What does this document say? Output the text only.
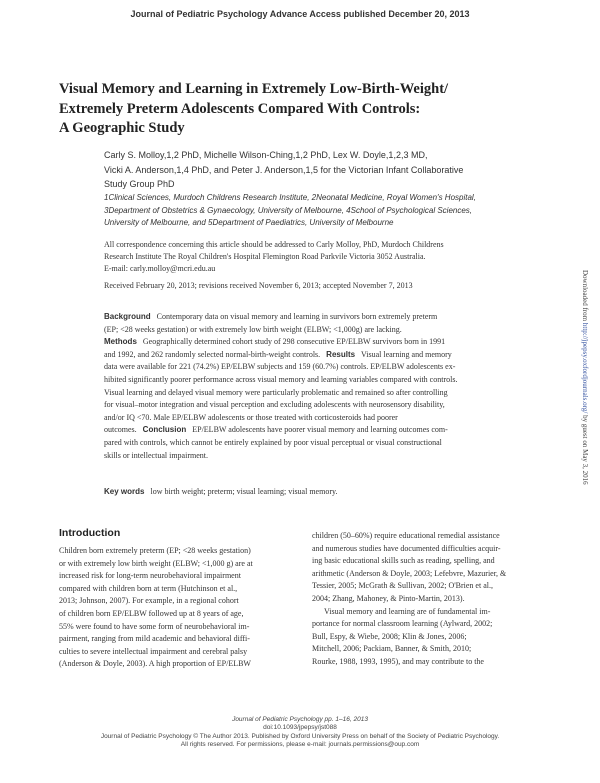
Journal of Pediatric Psychology Advance Access published December 20, 2013
Visual Memory and Learning in Extremely Low-Birth-Weight/
Extremely Preterm Adolescents Compared With Controls:
A Geographic Study
Carly S. Molloy,1,2 PhD, Michelle Wilson-Ching,1,2 PhD, Lex W. Doyle,1,2,3 MD,
Vicki A. Anderson,1,4 PhD, and Peter J. Anderson,1,5 for the Victorian Infant Collaborative
Study Group PhD
1Clinical Sciences, Murdoch Childrens Research Institute, 2Neonatal Medicine, Royal Women's Hospital,
3Department of Obstetrics & Gynaecology, University of Melbourne, 4School of Psychological Sciences,
University of Melbourne, and 5Department of Paediatrics, University of Melbourne
All correspondence concerning this article should be addressed to Carly Molloy, PhD, Murdoch Childrens
Research Institute The Royal Children's Hospital Flemington Road Parkvile Victoria 3052 Australia.
E-mail: carly.molloy@mcri.edu.au
Received February 20, 2013; revisions received November 6, 2013; accepted November 7, 2013
Background Contemporary data on visual memory and learning in survivors born extremely preterm
(EP; <28 weeks gestation) or with extremely low birth weight (ELBW; <1,000g) are lacking.
Methods Geographically determined cohort study of 298 consecutive EP/ELBW survivors born in 1991
and 1992, and 262 randomly selected normal-birth-weight controls. Results Visual learning and memory
data were available for 221 (74.2%) EP/ELBW subjects and 159 (60.7%) controls. EP/ELBW adolescents ex-
hibited significantly poorer performance across visual memory and learning variables compared with controls.
Visual learning and delayed visual memory were particularly problematic and remained so after controlling
for visual–motor integration and visual perception and excluding adolescents with neurosensory disability,
and/or IQ <70. Male EP/ELBW adolescents or those treated with corticosteroids had poorer
outcomes. Conclusion EP/ELBW adolescents have poorer visual memory and learning outcomes com-
pared with controls, which cannot be entirely explained by poor visual perceptual or visual constructional
skills or intellectual impairment.
Key words low birth weight; preterm; visual learning; visual memory.
Introduction
Children born extremely preterm (EP; <28 weeks gestation)
or with extremely low birth weight (ELBW; <1,000 g) are at
increased risk for long-term neurobehavioral impairment
compared with children born at term (Hutchinson et al.,
2013; Johnson, 2007). For example, in a regional cohort
of children born EP/ELBW followed up at 8 years of age,
55% were found to have some form of neurobehavioral im-
pairment, ranging from mild academic and behavioral diffi-
culties to severe intellectual impairment and cerebral palsy
(Anderson & Doyle, 2003). A high proportion of EP/ELBW
children (50–60%) require educational remedial assistance
and numerous studies have documented difficulties acquir-
ing basic educational skills such as reading, spelling, and
arithmetic (Anderson & Doyle, 2003; Lefebvre, Mazurier, &
Tessier, 2005; McGrath & Sullivan, 2002; O'Brien et al.,
2004; Zhang, Mahoney, & Pinto-Martin, 2013).
Visual memory and learning are of fundamental im-
portance for normal classroom learning (Aylward, 2002;
Bull, Espy, & Wiebe, 2008; Klin & Jones, 2006;
Mitchell, 2006; Packiam, Banner, & Smith, 2010;
Rourke, 1988, 1993, 1995), and may contribute to the
Downloaded from http://jpepsy.oxfordjournals.org/ by guest on May 3, 2016
Journal of Pediatric Psychology pp. 1–16, 2013
doi:10.1093/jpepsy/jst088
Journal of Pediatric Psychology © The Author 2013. Published by Oxford University Press on behalf of the Society of Pediatric Psychology.
All rights reserved. For permissions, please e-mail: journals.permissions@oup.com
